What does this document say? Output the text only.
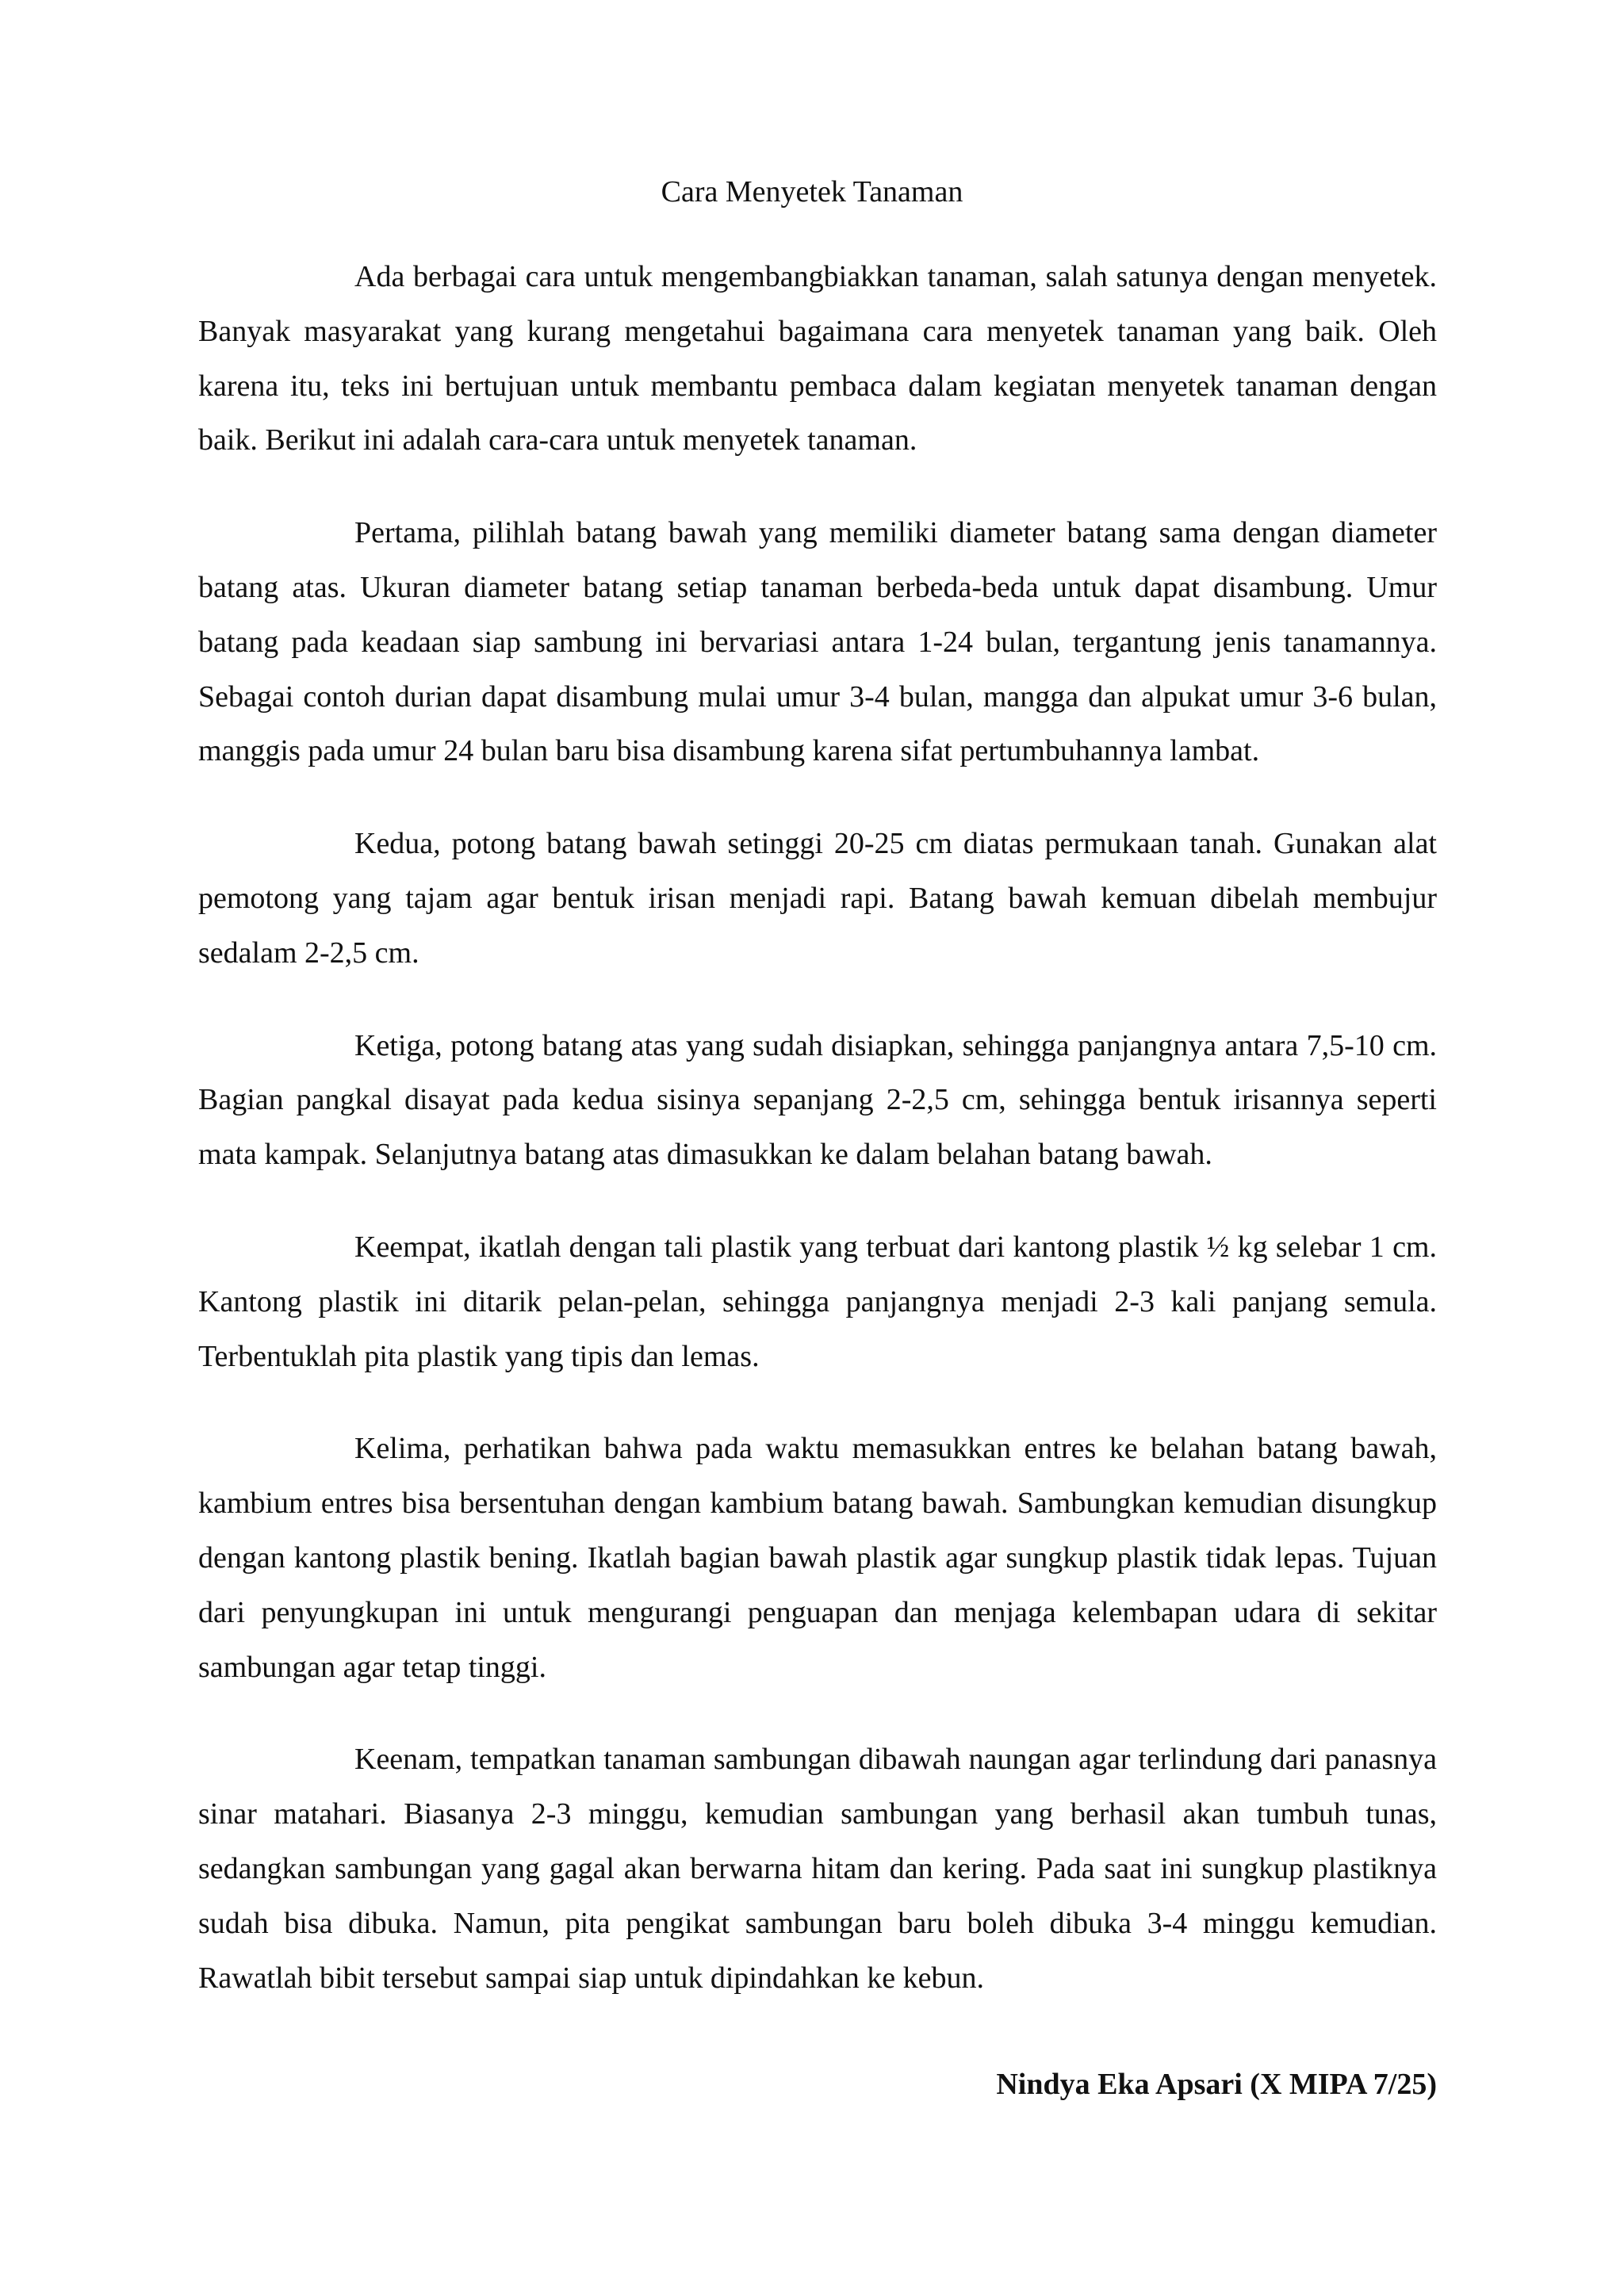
Cara Menyetek Tanaman

Ada berbagai cara untuk mengembangbiakkan tanaman, salah satunya dengan menyetek. Banyak masyarakat yang kurang mengetahui bagaimana cara menyetek tanaman yang baik. Oleh karena itu, teks ini bertujuan untuk membantu pembaca dalam kegiatan menyetek tanaman dengan baik. Berikut ini adalah cara-cara untuk menyetek tanaman.

Pertama, pilihlah batang bawah yang memiliki diameter batang sama dengan diameter batang atas. Ukuran diameter batang setiap tanaman berbeda-beda untuk dapat disambung. Umur batang pada keadaan siap sambung ini bervariasi antara 1-24 bulan, tergantung jenis tanamannya. Sebagai contoh durian dapat disambung mulai umur 3-4 bulan, mangga dan alpukat umur 3-6 bulan, manggis pada umur 24 bulan baru bisa disambung karena sifat pertumbuhannya lambat.

Kedua, potong batang bawah setinggi 20-25 cm diatas permukaan tanah. Gunakan alat pemotong yang tajam agar bentuk irisan menjadi rapi. Batang bawah kemuan dibelah membujur sedalam 2-2,5 cm.

Ketiga, potong batang atas yang sudah disiapkan, sehingga panjangnya antara 7,5-10 cm. Bagian pangkal disayat pada kedua sisinya sepanjang 2-2,5 cm, sehingga bentuk irisannya seperti mata kampak. Selanjutnya batang atas dimasukkan ke dalam belahan batang bawah.

Keempat, ikatlah dengan tali plastik yang terbuat dari kantong plastik ½ kg selebar 1 cm. Kantong plastik ini ditarik pelan-pelan, sehingga panjangnya menjadi 2-3 kali panjang semula. Terbentuklah pita plastik yang tipis dan lemas.

Kelima, perhatikan bahwa pada waktu memasukkan entres ke belahan batang bawah, kambium entres bisa bersentuhan dengan kambium batang bawah. Sambungkan kemudian disungkup dengan kantong plastik bening. Ikatlah bagian bawah plastik agar sungkup plastik tidak lepas. Tujuan dari penyungkupan ini untuk mengurangi penguapan dan menjaga kelembapan udara di sekitar sambungan agar tetap tinggi.

Keenam, tempatkan tanaman sambungan dibawah naungan agar terlindung dari panasnya sinar matahari. Biasanya 2-3 minggu, kemudian sambungan yang berhasil akan tumbuh tunas, sedangkan sambungan yang gagal akan berwarna hitam dan kering. Pada saat ini sungkup plastiknya sudah bisa dibuka. Namun, pita pengikat sambungan baru boleh dibuka 3-4 minggu kemudian. Rawatlah bibit tersebut sampai siap untuk dipindahkan ke kebun.

Nindya Eka Apsari (X MIPA 7/25)
